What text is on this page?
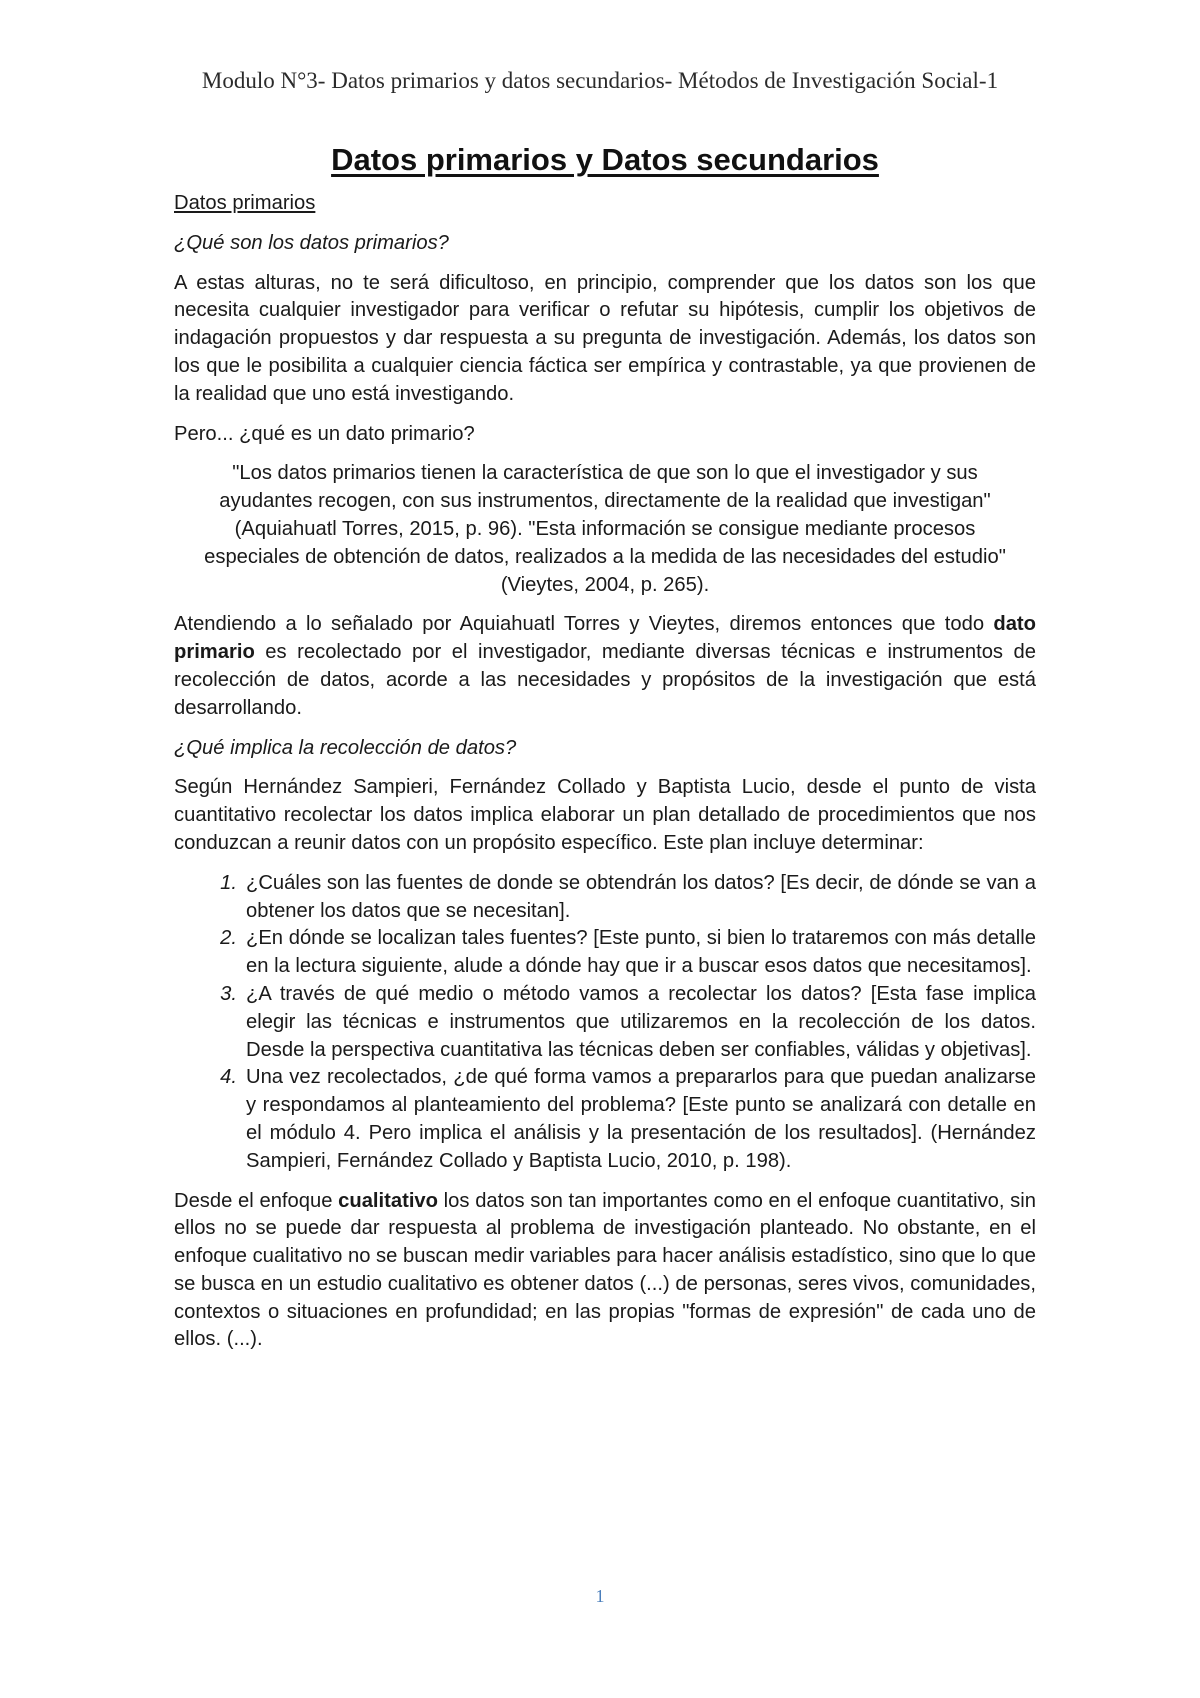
Modulo N°3- Datos primarios y datos secundarios- Métodos de Investigación Social-1
Datos primarios y Datos secundarios

Datos primarios

¿Qué son los datos primarios?

A estas alturas, no te será dificultoso, en principio, comprender que los datos son los que necesita cualquier investigador para verificar o refutar su hipótesis, cumplir los objetivos de indagación propuestos y dar respuesta a su pregunta de investigación. Además, los datos son los que le posibilita a cualquier ciencia fáctica ser empírica y contrastable, ya que provienen de la realidad que uno está investigando.

Pero... ¿qué es un dato primario?

"Los datos primarios tienen la característica de que son lo que el investigador y sus ayudantes recogen, con sus instrumentos, directamente de la realidad que investigan" (Aquiahuatl Torres, 2015, p. 96). "Esta información se consigue mediante procesos especiales de obtención de datos, realizados a la medida de las necesidades del estudio" (Vieytes, 2004, p. 265).

Atendiendo a lo señalado por Aquiahuatl Torres y Vieytes, diremos entonces que todo dato primario es recolectado por el investigador, mediante diversas técnicas e instrumentos de recolección de datos, acorde a las necesidades y propósitos de la investigación que está desarrollando.

¿Qué implica la recolección de datos?

Según Hernández Sampieri, Fernández Collado y Baptista Lucio, desde el punto de vista cuantitativo recolectar los datos implica elaborar un plan detallado de procedimientos que nos conduzcan a reunir datos con un propósito específico. Este plan incluye determinar:

1. ¿Cuáles son las fuentes de donde se obtendrán los datos? [Es decir, de dónde se van a obtener los datos que se necesitan].
2. ¿En dónde se localizan tales fuentes? [Este punto, si bien lo trataremos con más detalle en la lectura siguiente, alude a dónde hay que ir a buscar esos datos que necesitamos].
3. ¿A través de qué medio o método vamos a recolectar los datos? [Esta fase implica elegir las técnicas e instrumentos que utilizaremos en la recolección de los datos. Desde la perspectiva cuantitativa las técnicas deben ser confiables, válidas y objetivas].
4. Una vez recolectados, ¿de qué forma vamos a prepararlos para que puedan analizarse y respondamos al planteamiento del problema? [Este punto se analizará con detalle en el módulo 4. Pero implica el análisis y la presentación de los resultados]. (Hernández Sampieri, Fernández Collado y Baptista Lucio, 2010, p. 198).

Desde el enfoque cualitativo los datos son tan importantes como en el enfoque cuantitativo, sin ellos no se puede dar respuesta al problema de investigación planteado. No obstante, en el enfoque cualitativo no se buscan medir variables para hacer análisis estadístico, sino que lo que se busca en un estudio cualitativo es obtener datos (...) de personas, seres vivos, comunidades, contextos o situaciones en profundidad; en las propias "formas de expresión" de cada uno de ellos. (...).

1
